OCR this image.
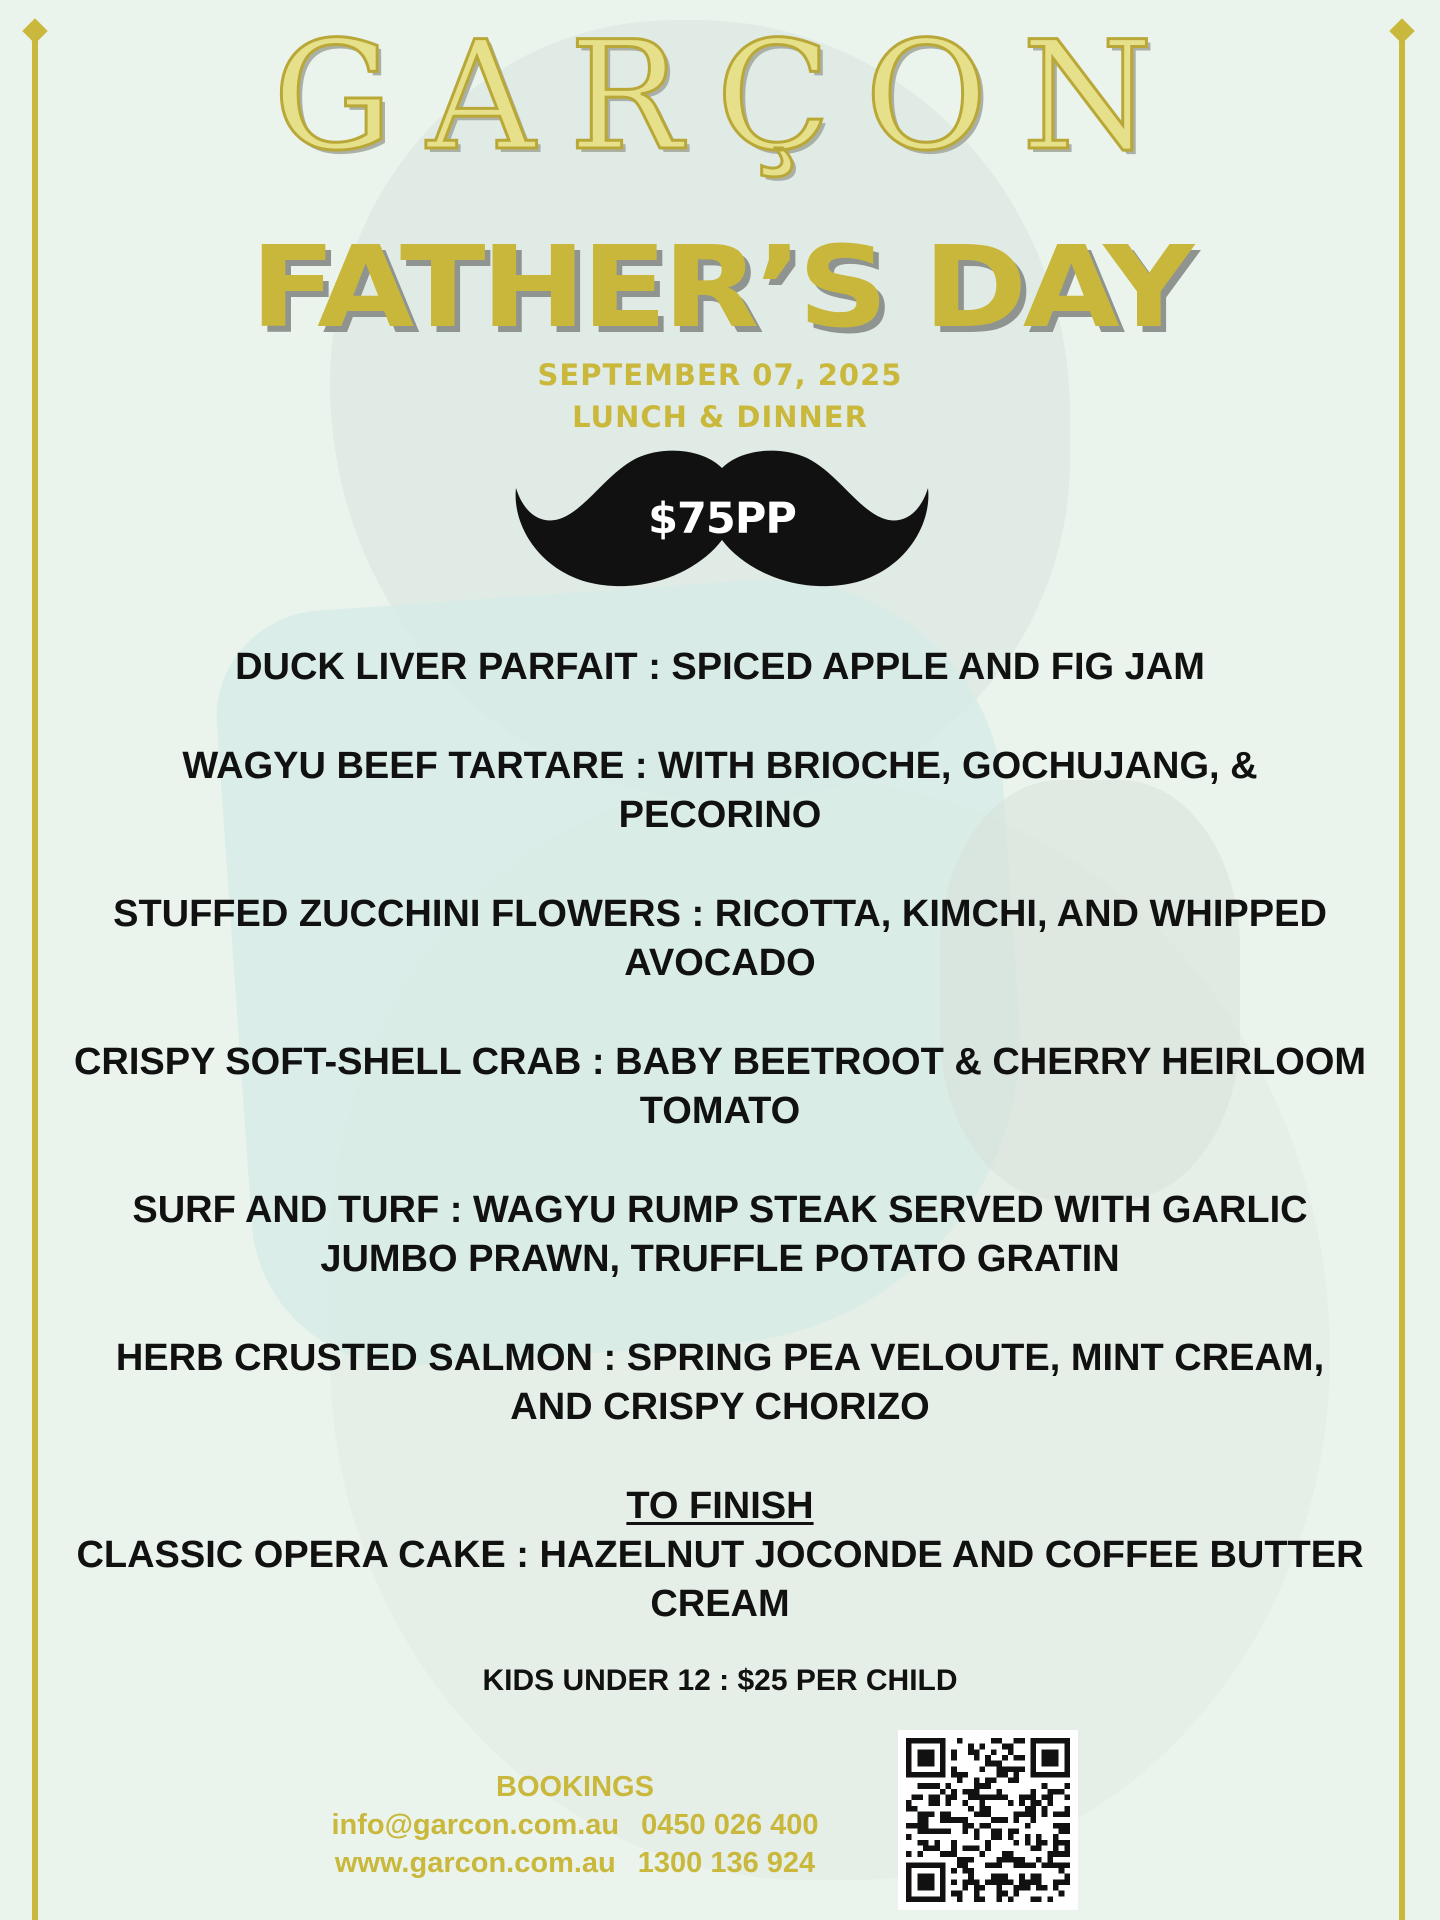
GARÇON
FATHER’S DAY
SEPTEMBER 07, 2025
LUNCH & DINNER
$75PP
DUCK LIVER PARFAIT : SPICED APPLE AND FIG JAM
WAGYU BEEF TARTARE : WITH BRIOCHE, GOCHUJANG, &
PECORINO
STUFFED ZUCCHINI FLOWERS : RICOTTA, KIMCHI, AND WHIPPED
AVOCADO
CRISPY SOFT-SHELL CRAB : BABY BEETROOT & CHERRY HEIRLOOM
TOMATO
SURF AND TURF : WAGYU RUMP STEAK SERVED WITH GARLIC
JUMBO PRAWN, TRUFFLE POTATO GRATIN
HERB CRUSTED SALMON : SPRING PEA VELOUTE, MINT CREAM,
AND CRISPY CHORIZO
TO FINISH
CLASSIC OPERA CAKE : HAZELNUT JOCONDE AND COFFEE BUTTER
CREAM
KIDS UNDER 12 : $25 PER CHILD
BOOKINGS
info@garcon.com.au 0450 026 400
www.garcon.com.au 1300 136 924
